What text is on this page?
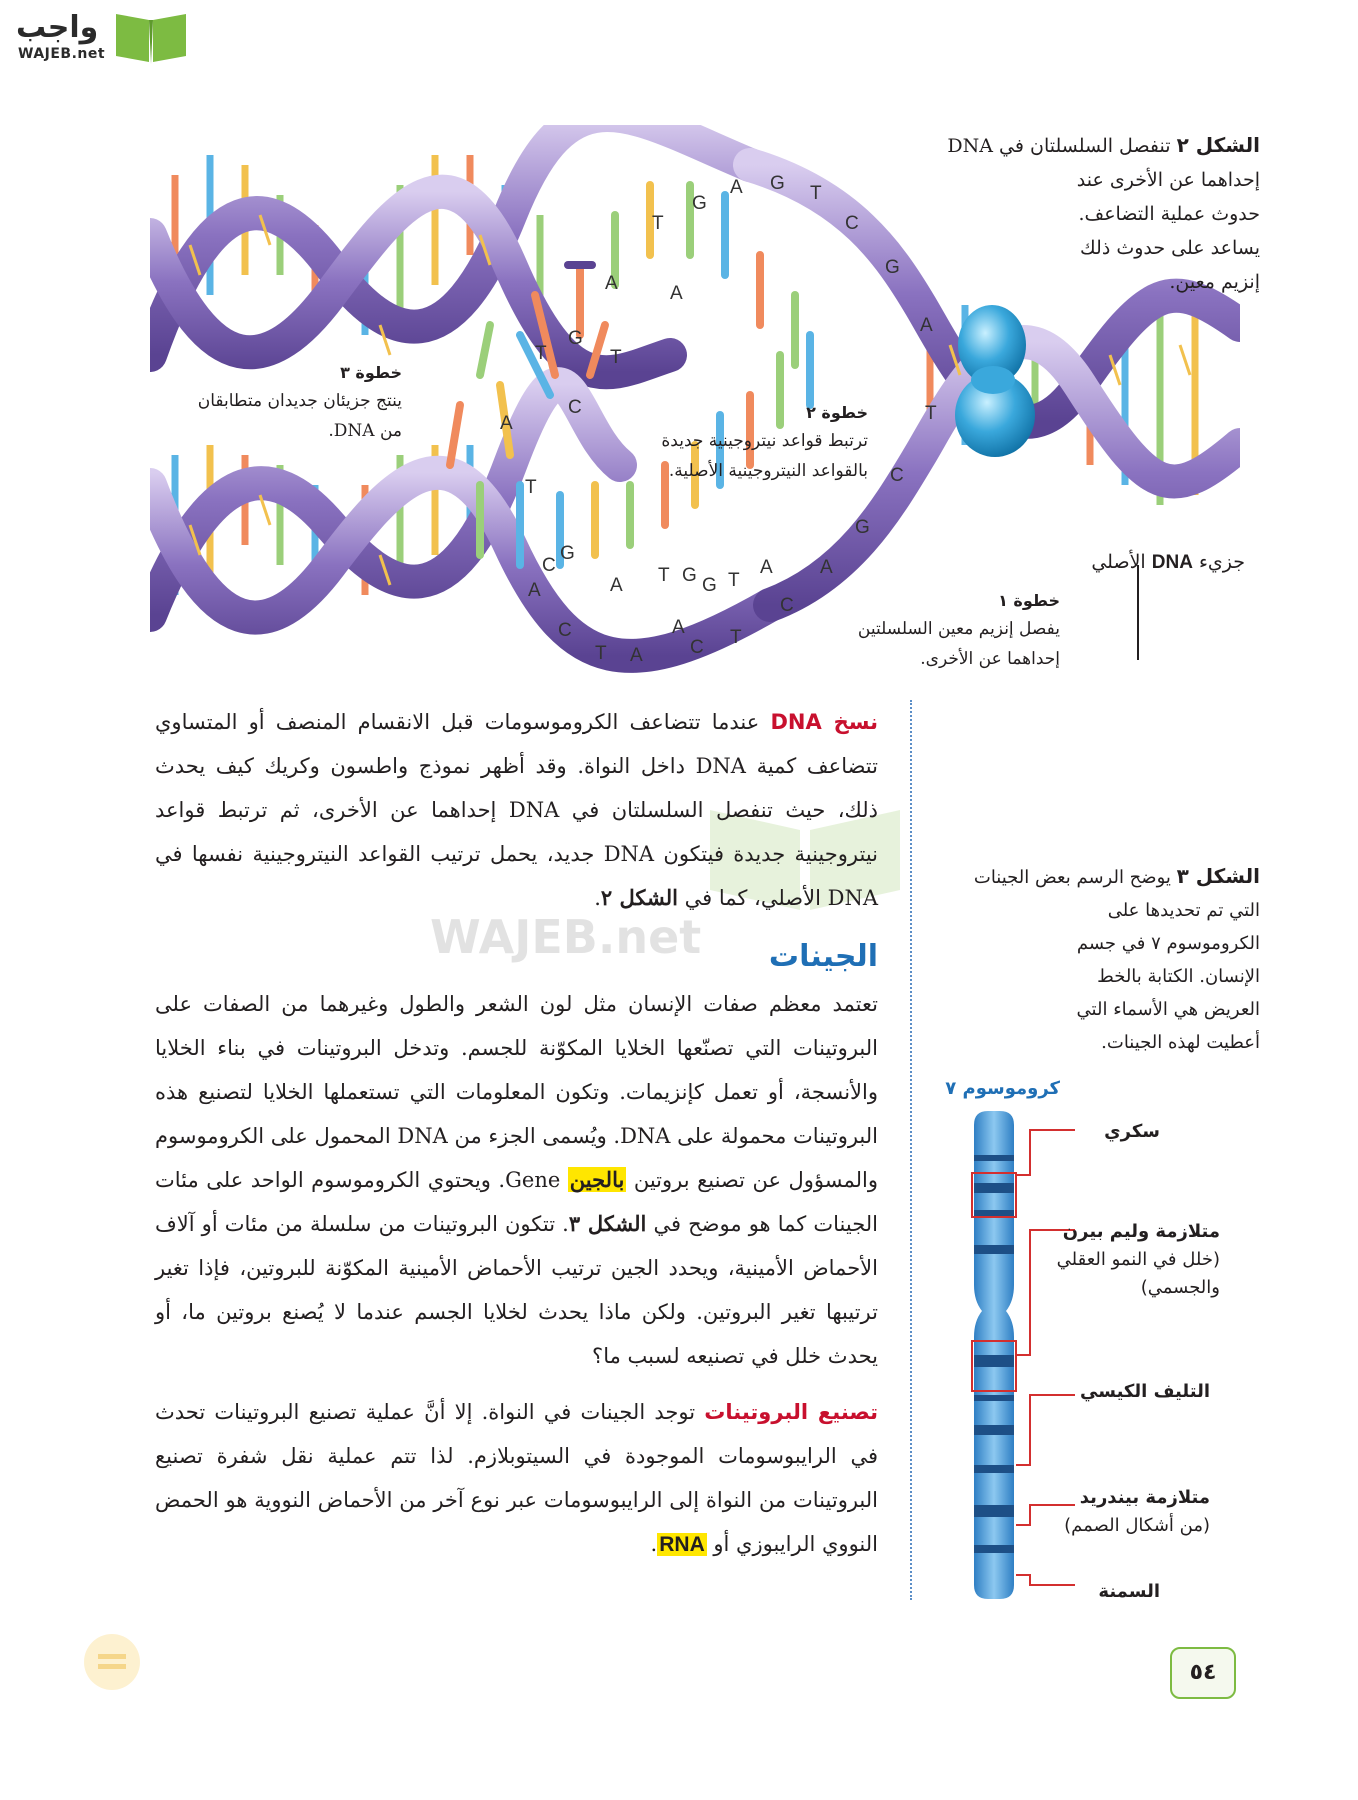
واجب
WAJEB.net
G
A G T
C
T
G
A
A
G
A
T	T
A
C	T
C
T
G
A
T
G
A
C
A	T
G
C
T A C T
G	A
A
C
الشكل ٢ تنفصل السلسلتان في DNA
إحداهما عن الأخرى عند
حدوث عملية التضاعف.
يساعد على حدوث ذلك
إنزيم معين.
خطوة ٣
ينتج جزيئان جديدان متطابقان
من DNA.
خطوة ٢
ترتبط قواعد نيتروجينية جديدة
بالقواعد النيتروجينية الأصلية.
خطوة ١
يفصل إنزيم معين السلسلتين
إحداهما عن الأخرى.
جزيء DNA الأصلي
WAJEB.net

نسخ DNA عندما تتضاعف الكروموسومات قبل الانقسام المنصف أو المتساوي تتضاعف كمية DNA داخل النواة. وقد أظهر نموذج واطسون وكريك كيف يحدث ذلك، حيث تنفصل السلسلتان في DNA إحداهما عن الأخرى، ثم ترتبط قواعد نيتروجينية جديدة فيتكون DNA جديد، يحمل ترتيب القواعد النيتروجينية نفسها في DNA الأصلي، كما في الشكل ٢.

الجينات

تعتمد معظم صفات الإنسان مثل لون الشعر والطول وغيرهما من الصفات على البروتينات التي تصنّعها الخلايا المكوّنة للجسم. وتدخل البروتينات في بناء الخلايا والأنسجة، أو تعمل كإنزيمات. وتكون المعلومات التي تستعملها الخلايا لتصنيع هذه البروتينات محمولة على DNA. ويُسمى الجزء من DNA المحمول على الكروموسوم والمسؤول عن تصنيع بروتين بالجين Gene. ويحتوي الكروموسوم الواحد على مئات الجينات كما هو موضح في الشكل ٣. تتكون البروتينات من سلسلة من مئات أو آلاف الأحماض الأمينية، ويحدد الجين ترتيب الأحماض الأمينية المكوّنة للبروتين، فإذا تغير ترتيبها تغير البروتين. ولكن ماذا يحدث لخلايا الجسم عندما لا يُصنع بروتين ما، أو يحدث خلل في تصنيعه لسبب ما؟

تصنيع البروتينات توجد الجينات في النواة. إلا أنَّ عملية تصنيع البروتينات تحدث في الرايبوسومات الموجودة في السيتوبلازم. لذا تتم عملية نقل شفرة تصنيع البروتينات من النواة إلى الرايبوسومات عبر نوع آخر من الأحماض النووية هو الحمض النووي الرايبوزي أو RNA.

الشكل ٣ يوضح الرسم بعض الجينات
التي تم تحديدها على
الكروموسوم ٧ في جسم
الإنسان. الكتابة بالخط
العريض هي الأسماء التي
أعطيت لهذه الجينات.
كروموسوم ٧
سكري
متلازمة وليم بيرن
(خلل في النمو العقلي
والجسمي)
التليف الكيسي
متلازمة بيندريد
(من أشكال الصمم)
السمنة
٥٤
